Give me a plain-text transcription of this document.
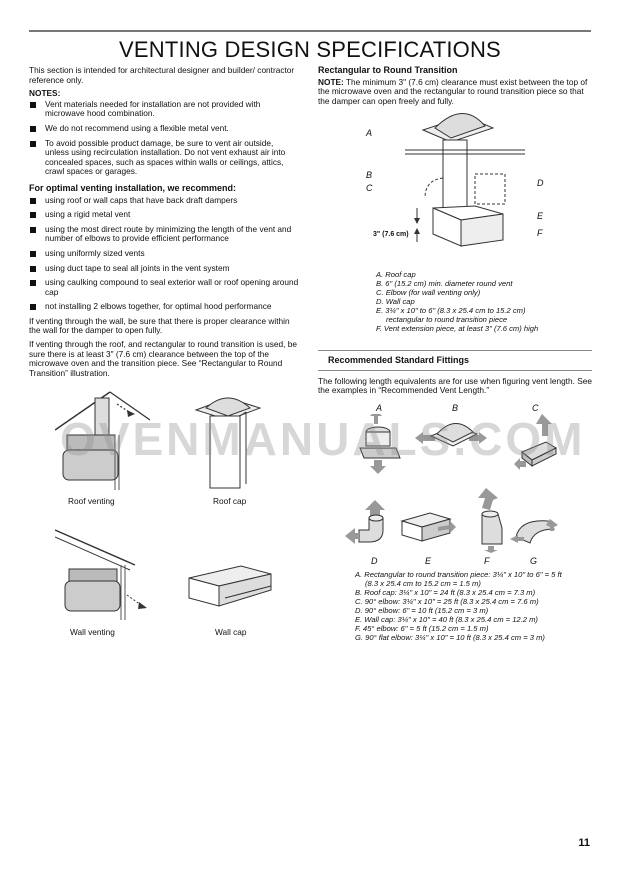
VENTING DESIGN SPECIFICATIONS

This section is intended for architectural designer and builder/ contractor reference only.

NOTES:

Vent materials needed for installation are not provided with microwave hood combination.
We do not recommend using a flexible metal vent.
To avoid possible product damage, be sure to vent air outside, unless using recirculation installation. Do not vent exhaust air into concealed spaces, such as spaces within walls or ceilings, attics, crawl spaces or garages.

For optimal venting installation, we recommend:

using roof or wall caps that have back draft dampers
using a rigid metal vent
using the most direct route by minimizing the length of the vent and number of elbows to provide efficient performance
using uniformly sized vents
using duct tape to seal all joints in the vent system
using caulking compound to seal exterior wall or roof opening around cap
not installing 2 elbows together, for optimal hood performance

If venting through the wall, be sure that there is proper clearance within the wall for the damper to open fully.

If venting through the roof, and rectangular to round transition is used, be sure there is at least 3" (7.6 cm) clearance between the top of the microwave oven and the transition piece. See “Rectangular to Round Transition” illustration.

Roof venting	Roof cap
Wall venting	Wall cap

Rectangular to Round Transition

NOTE: The minimum 3" (7.6 cm) clearance must exist between the top of the microwave oven and the rectangular to round transition piece so that the damper can open freely and fully.

A
B
C	D
E
F
3" (7.6 cm)
A. Roof cap
B. 6" (15.2 cm) min. diameter round vent
C. Elbow (for wall venting only)
D. Wall cap
E. 3¼" x 10" to 6" (8.3 x 25.4 cm to 15.2 cm)
rectangular to round transition piece
F. Vent extension piece, at least 3" (7.6 cm) high
Recommended Standard Fittings

The following length equivalents are for use when figuring vent length. See the examples in “Recommended Vent Length.”

A	B	C
D	E	F	G
A. Rectangular to round transition piece: 3¼" x 10" to 6" = 5 ft
(8.3 x 25.4 cm to 15.2 cm = 1.5 m)
B. Roof cap: 3¼" x 10" = 24 ft (8.3 x 25.4 cm = 7.3 m)
C. 90° elbow: 3¼" x 10" = 25 ft (8.3 x 25.4 cm = 7.6 m)
D. 90° elbow: 6" = 10 ft (15.2 cm = 3 m)
E. Wall cap: 3¼" x 10" = 40 ft (8.3 x 25.4 cm = 12.2 m)
F. 45° elbow: 6" = 5 ft (15.2 cm = 1.5 m)
G. 90° flat elbow: 3¼" x 10" = 10 ft (8.3 x 25.4 cm = 3 m)
OVENMANUALS.COM
11
